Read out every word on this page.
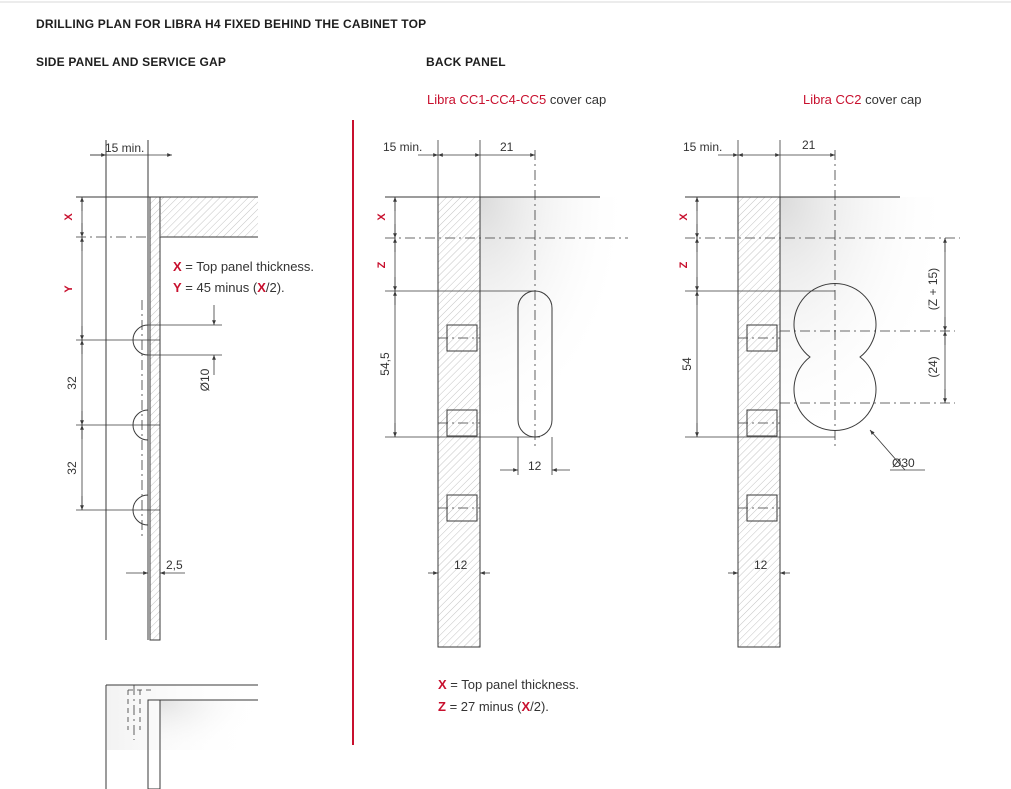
DRILLING PLAN FOR LIBRA H4 FIXED BEHIND THE CABINET TOP
SIDE PANEL AND SERVICE GAP	BACK PANEL
Libra CC1-CC4-CC5 cover cap	Libra CC2 cover cap
15 min.
X
Y
32
32
Ø10
2,5
X = Top panel thickness.
Y = 45 minus (X/2).
15 min.	21
X
Z
54,5
12
12
X = Top panel thickness.
Z = 27 minus (X/2).
15 min.	21
X
Z
54
(Z + 15)
(24)
Ø30
12
